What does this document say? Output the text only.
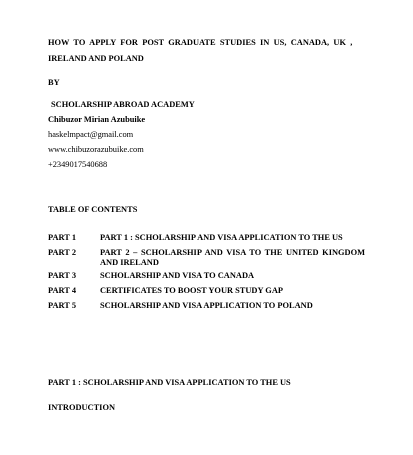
HOW TO APPLY FOR POST GRADUATE STUDIES IN US, CANADA, UK ,
IRELAND AND POLAND
BY
SCHOLARSHIP ABROAD ACADEMY
Chibuzor Mirian Azubuike
haskelmpact@gmail.com
www.chibuzorazubuike.com
+2349017540688
TABLE OF CONTENTS
PART 1	PART 1 : SCHOLARSHIP AND VISA APPLICATION TO THE US
PART 2	PART 2 – SCHOLARSHIP AND VISA TO THE UNITED KINGDOM AND IRELAND
PART 3	SCHOLARSHIP AND VISA TO CANADA
PART 4	CERTIFICATES TO BOOST YOUR STUDY GAP
PART 5	SCHOLARSHIP AND VISA APPLICATION TO POLAND
PART 1 : SCHOLARSHIP AND VISA APPLICATION TO THE US
INTRODUCTION
